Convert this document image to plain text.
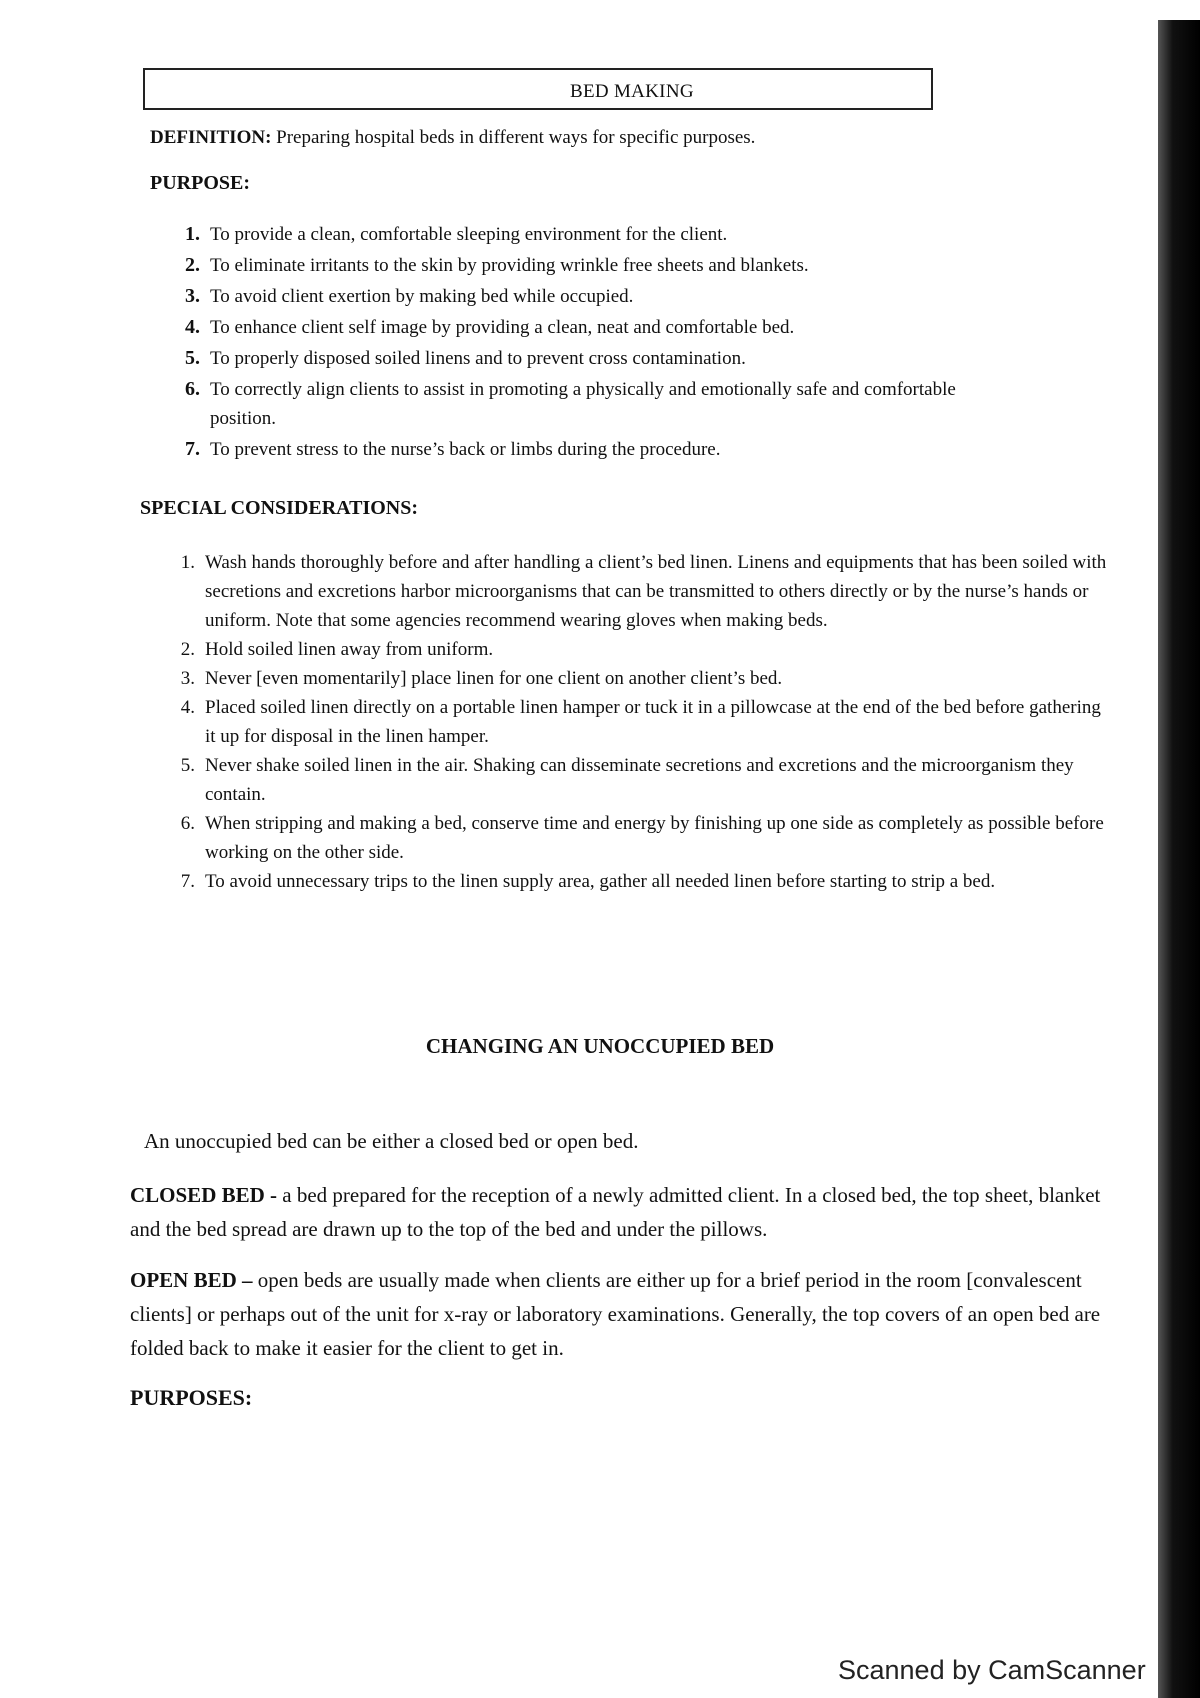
BED MAKING
DEFINITION: Preparing hospital beds in different ways for specific purposes.
PURPOSE:
1. To provide a clean, comfortable sleeping environment for the client.
2. To eliminate irritants to the skin by providing wrinkle free sheets and blankets.
3. To avoid client exertion by making bed while occupied.
4. To enhance client self image by providing a clean, neat and comfortable bed.
5. To properly disposed soiled linens and to prevent cross contamination.
6. To correctly align clients to assist in promoting a physically and emotionally safe and comfortable position.
7. To prevent stress to the nurse’s back or limbs during the procedure.
SPECIAL CONSIDERATIONS:
1. Wash hands thoroughly before and after handling a client’s bed linen. Linens and equipments that has been soiled with secretions and excretions harbor microorganisms that can be transmitted to others directly or by the nurse’s hands or uniform. Note that some agencies recommend wearing gloves when making beds.
2. Hold soiled linen away from uniform.
3. Never [even momentarily] place linen for one client on another client’s bed.
4. Placed soiled linen directly on a portable linen hamper or tuck it in a pillowcase at the end of the bed before gathering it up for disposal in the linen hamper.
5. Never shake soiled linen in the air. Shaking can disseminate secretions and excretions and the microorganism they contain.
6. When stripping and making a bed, conserve time and energy by finishing up one side as completely as possible before working on the other side.
7. To avoid unnecessary trips to the linen supply area, gather all needed linen before starting to strip a bed.
CHANGING AN UNOCCUPIED BED
An unoccupied bed can be either a closed bed or open bed.
CLOSED BED - a bed prepared for the reception of a newly admitted client. In a closed bed, the top sheet, blanket and the bed spread are drawn up to the top of the bed and under the pillows.
OPEN BED – open beds are usually made when clients are either up for a brief period in the room [convalescent clients] or perhaps out of the unit for x-ray or laboratory examinations. Generally, the top covers of an open bed are folded back to make it easier for the client to get in.
PURPOSES:
Scanned by CamScanner
